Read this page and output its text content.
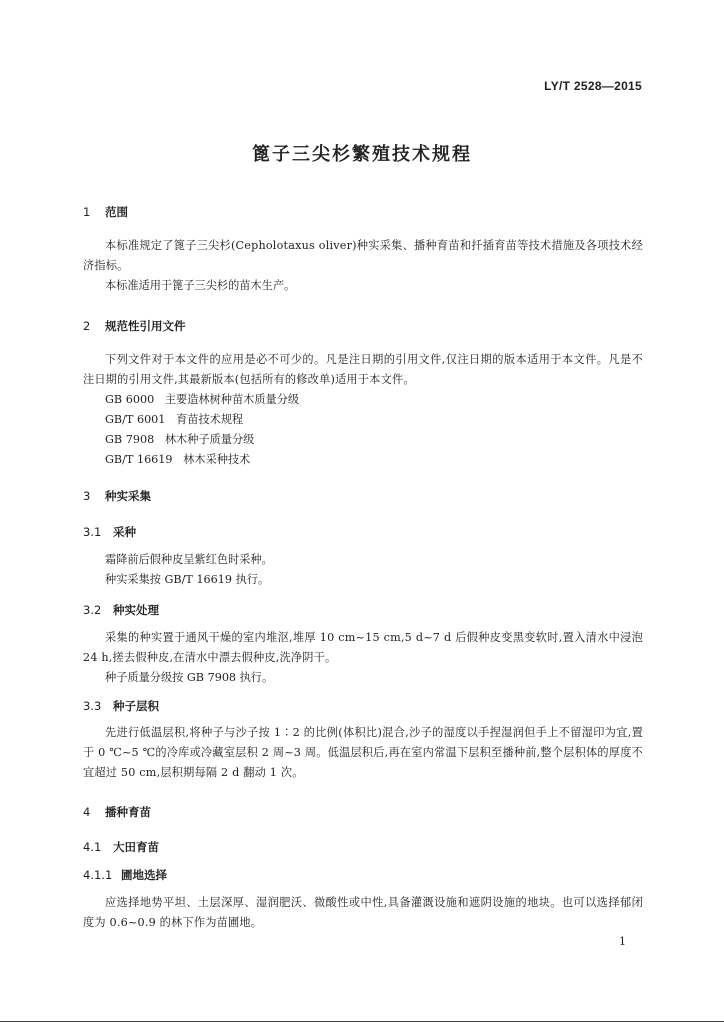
LY/T 2528—2015
篦子三尖杉繁殖技术规程
1 范围
本标准规定了篦子三尖杉(Cepholotaxus oliver)种实采集、播种育苗和扦插育苗等技术措施及各项技术经济指标。
本标准适用于篦子三尖杉的苗木生产。
2 规范性引用文件
下列文件对于本文件的应用是必不可少的。凡是注日期的引用文件,仅注日期的版本适用于本文件。凡是不注日期的引用文件,其最新版本(包括所有的修改单)适用于本文件。
GB 6000   主要造林树种苗木质量分级
GB/T 6001   育苗技术规程
GB 7908   林木种子质量分级
GB/T 16619   林木采种技术
3 种实采集
3.1 采种
霜降前后假种皮呈紫红色时采种。
种实采集按 GB/T 16619 执行。
3.2 种实处理
采集的种实置于通风干燥的室内堆沤,堆厚 10 cm~15 cm,5 d~7 d 后假种皮变黑变软时,置入清水中浸泡 24 h,搓去假种皮,在清水中漂去假种皮,洗净阴干。
种子质量分级按 GB 7908 执行。
3.3 种子层积
先进行低温层积,将种子与沙子按 1∶2 的比例(体积比)混合,沙子的湿度以手捏湿润但手上不留湿印为宜,置于 0 ℃~5 ℃的冷库或冷藏室层积 2 周~3 周。低温层积后,再在室内常温下层积至播种前,整个层积体的厚度不宜超过 50 cm,层积期每隔 2 d 翻动 1 次。
4 播种育苗
4.1 大田育苗
4.1.1 圃地选择
应选择地势平坦、土层深厚、湿润肥沃、微酸性或中性,具备灌溉设施和遮阴设施的地块。也可以选择郁闭度为 0.6~0.9 的林下作为苗圃地。
1
